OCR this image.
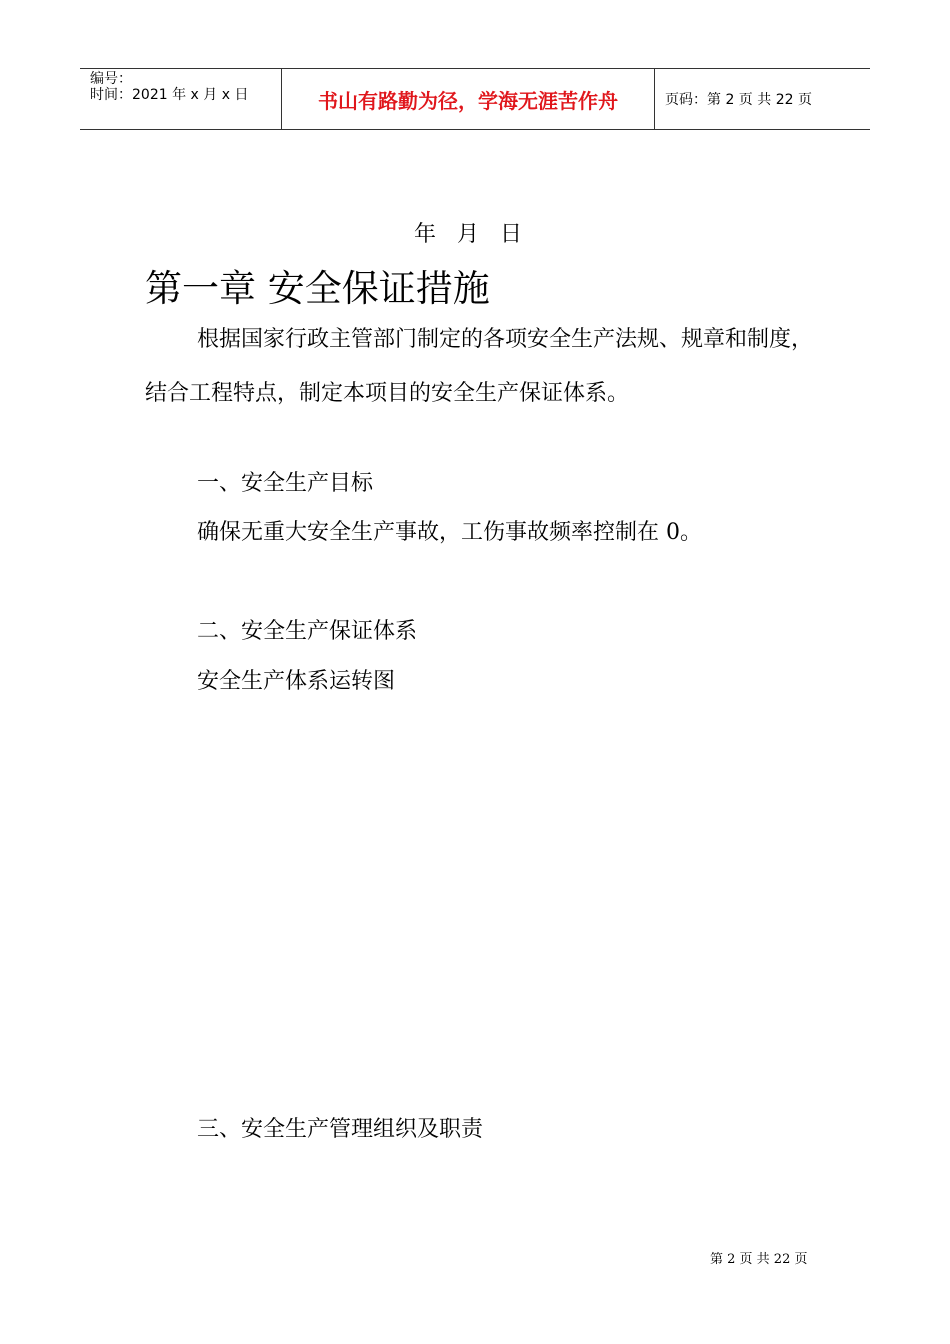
编号：
时间：2021 年 x 月 x 日	书山有路勤为径，学海无涯苦作舟	页码：第 2 页 共 22 页
年月日
第一章 安全保证措施
根据国家行政主管部门制定的各项安全生产法规、规章和制度，结合工程特点，制定本项目的安全生产保证体系。
一、安全生产目标
确保无重大安全生产事故，工伤事故频率控制在 0。
二、安全生产保证体系
安全生产体系运转图
三、安全生产管理组织及职责
第 2 页 共 22 页
